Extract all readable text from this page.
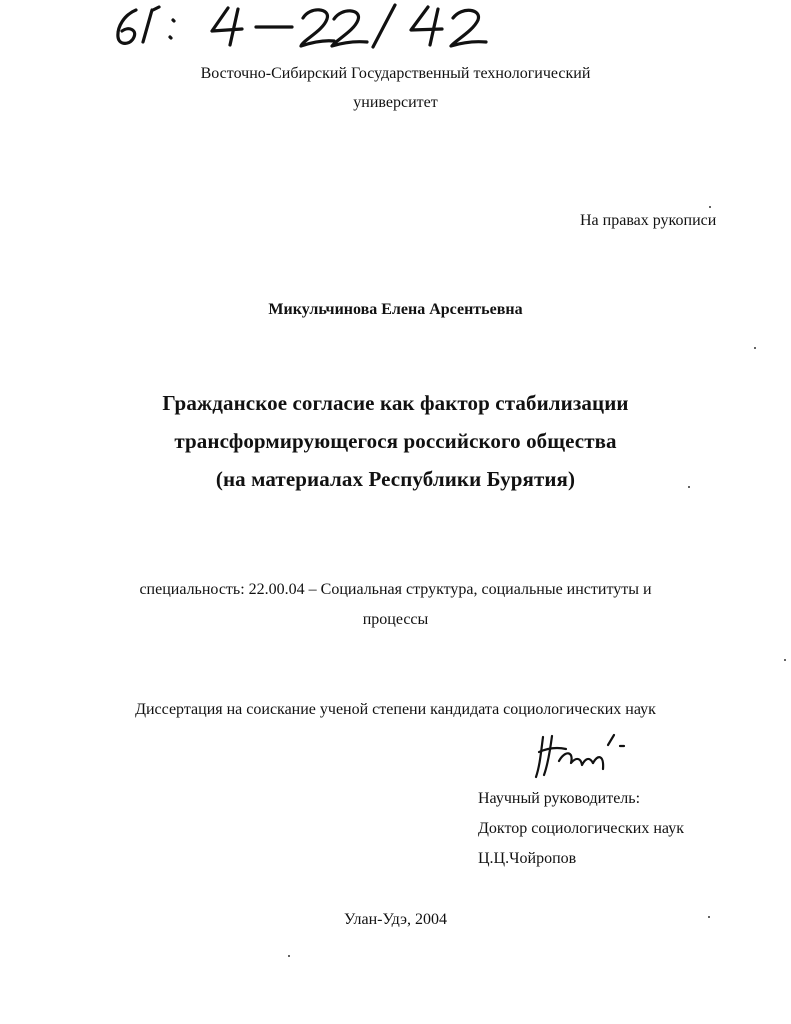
Восточно-Сибирский Государственный технологический

университет

На правах рукописи

Микульчинова Елена Арсентьевна

Гражданское согласие как фактор стабилизации

трансформирующегося российского общества

(на материалах Республики Бурятия)

специальность: 22.00.04 – Социальная структура, социальные институты и

процессы

Диссертация на соискание ученой степени кандидата социологических наук

Научный руководитель:

Доктор социологических наук

Ц.Ц.Чойропов

Улан-Удэ, 2004
